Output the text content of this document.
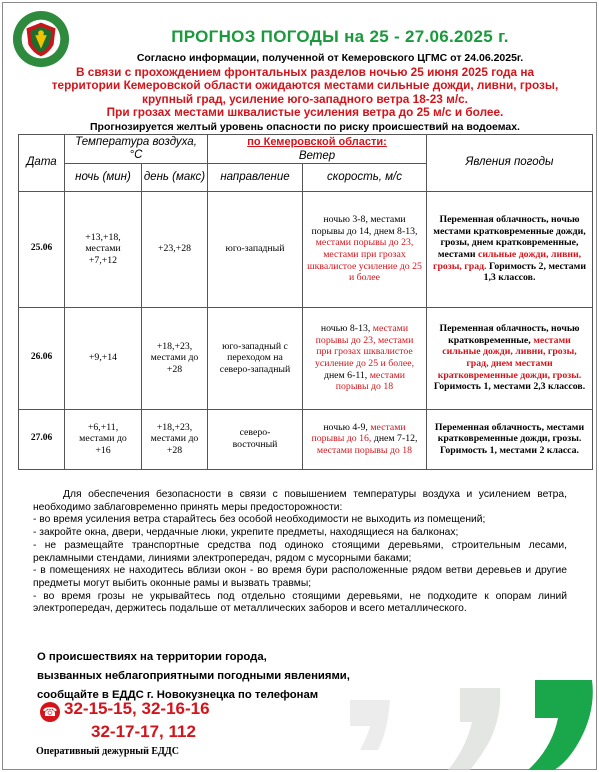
ПРОГНОЗ ПОГОДЫ на 25 - 27.06.2025 г.
Согласно информации, полученной от Кемеровского ЦГМС от 24.06.2025г.
В связи с прохождением фронтальных разделов ночью 25 июня 2025 года на
территории Кемеровской области ожидаются местами сильные дожди, ливни, грозы,
крупный град, усиление юго-западного ветра 18-23 м/с.
При грозах местами шквалистые усиления ветра до 25 м/с и более.
Прогнозируется желтый уровень опасности по риску происшествий на водоемах.
Дата	Температура воздуха, °С		по Кемеровской области:		Явления погоды
			Ветер		
	ночь (мин)	день (макс)	направление	скорость, м/с	
25.06	+13,+18, местами +7,+12	+23,+28	юго-западный	ночью 3-8, местами порывы до 14, днем 8-13, местами порывы до 23, местами при грозах шквалистое усиление до 25 и более	Переменная облачность, ночью местами кратковременные дожди, грозы, днем кратковременные, местами сильные дожди, ливни, грозы, град. Горимость 2, местами 1,3 классов.
26.06	+9,+14	+18,+23, местами до +28	юго-западный с переходом на северо-западный	ночью 8-13, местами порывы до 23, местами при грозах шквалистое усиление до 25 и более, днем 6-11, местами порывы до 18	Переменная облачность, ночью кратковременные, местами сильные дожди, ливни, грозы, град, днем местами кратковременные дожди, грозы. Горимость 1, местами 2,3 классов.
27.06	+6,+11, местами до +16	+18,+23, местами до +28	северо-восточный	ночью 4-9, местами порывы до 16, днем 7-12, местами порывы до 18	Переменная облачность, местами кратковременные дожди, грозы. Горимость 1, местами 2 класса.

Для обеспечения безопасности в связи с повышением температуры воздуха и усилением ветра, необходимо заблаговременно принять меры предосторожности:

- во время усиления ветра старайтесь без особой необходимости не выходить из помещений;

- закройте окна, двери, чердачные люки, укрепите предметы, находящиеся на балконах;

- не размещайте транспортные средства под одиноко стоящими деревьями, строительным лесами, рекламными стендами, линиями электропередач, рядом с мусорными баками;

- в помещениях не находитесь вблизи окон - во время бури расположенные рядом ветви деревьев и другие предметы могут выбить оконные рамы и вызвать травмы;

- во время грозы не укрывайтесь под отдельно стоящими деревьями, не подходите к опорам линий электропередач, держитесь подальше от металлических заборов и всего металлического.

О происшествиях на территории города,
вызванных неблагоприятными погодными явлениями,
сообщайте в ЕДДС г. Новокузнецка по телефонам
☎ 32-15-15, 32-16-16
32-17-17, 112
Оперативный дежурный ЕДДС
